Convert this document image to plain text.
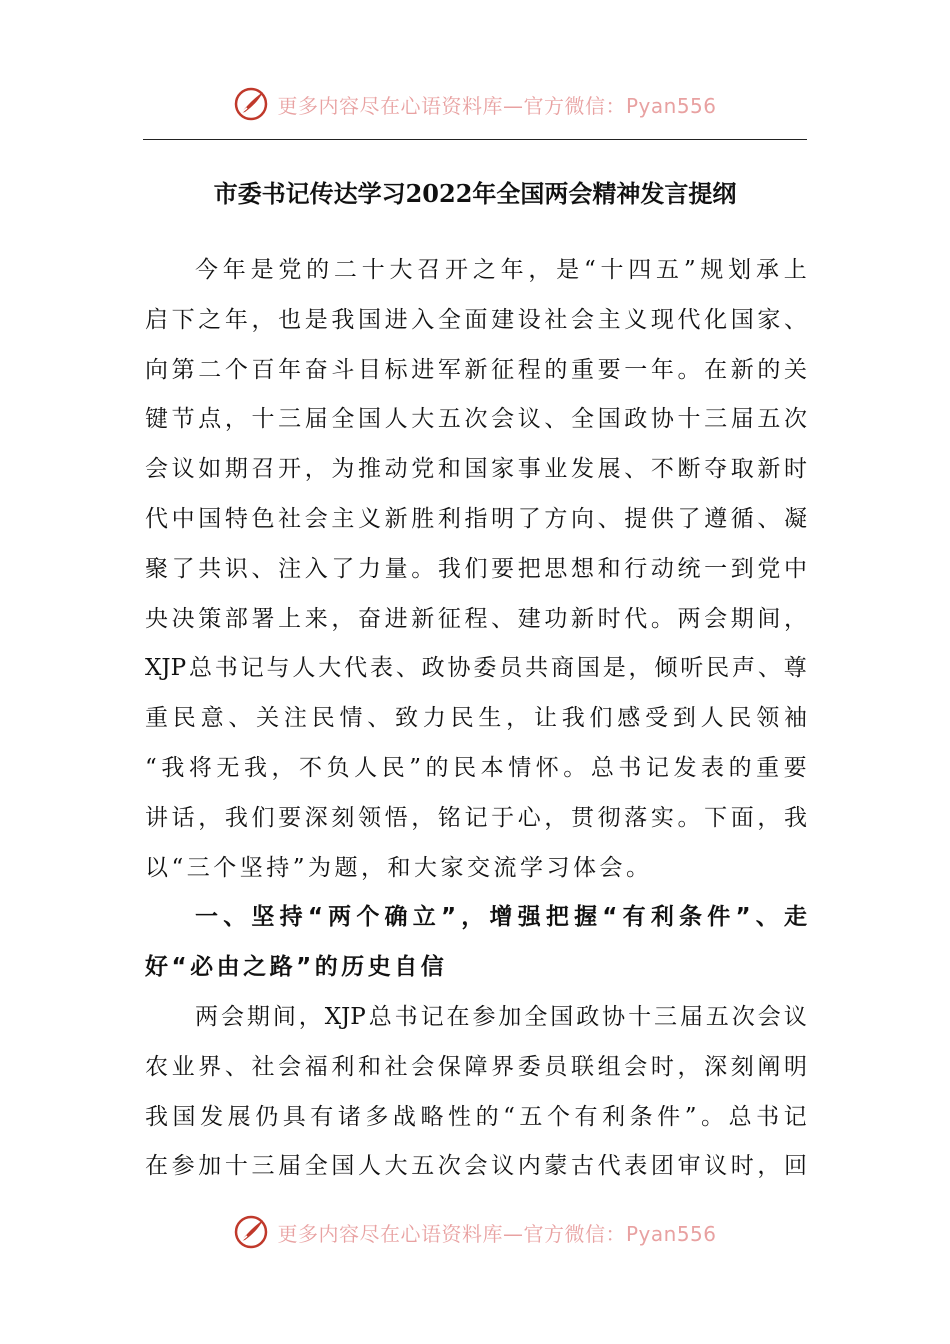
更多内容尽在心语资料库—官方微信：Pyan556
市委书记传达学习2022年全国两会精神发言提纲
今 年 是 党 的 二 十 大 召 开 之 年 ， 是 “ 十 四 五 ” 规 划 承 上
启 下 之 年 ， 也 是 我 国 进 入 全 面 建 设 社 会 主 义 现 代 化 国 家 、
向 第 二 个 百 年 奋 斗 目 标 进 军 新 征 程 的 重 要 一 年 。 在 新 的 关
键 节 点 ， 十 三 届 全 国 人 大 五 次 会 议 、 全 国 政 协 十 三 届 五 次
会 议 如 期 召 开 ， 为 推 动 党 和 国 家 事 业 发 展 、 不 断 夺 取 新 时
代 中 国 特 色 社 会 主 义 新 胜 利 指 明 了 方 向 、 提 供 了 遵 循 、 凝
聚 了 共 识 、 注 入 了 力 量 。 我 们 要 把 思 想 和 行 动 统 一 到 党 中
央 决 策 部 署 上 来 ， 奋 进 新 征 程 、 建 功 新 时 代 。 两 会 期 间 ，
XJP 总 书 记 与 人 大 代 表 、 政 协 委 员 共 商 国 是 ， 倾 听 民 声 、 尊
重 民 意 、 关 注 民 情 、 致 力 民 生 ， 让 我 们 感 受 到 人 民 领 袖
“ 我 将 无 我 ， 不 负 人 民 ” 的 民 本 情 怀 。 总 书 记 发 表 的 重 要
讲 话 ， 我 们 要 深 刻 领 悟 ， 铭 记 于 心 ， 贯 彻 落 实 。 下 面 ， 我
以“三个坚持”为题，和大家交流学习体会。
一 、 坚 持 “ 两 个 确 立 ” ， 增 强 把 握 “ 有 利 条 件 ” 、 走
好“必由之路”的历史自信
两 会 期 间 ， XJP 总 书 记 在 参 加 全 国 政 协 十 三 届 五 次 会 议
农 业 界 、 社 会 福 利 和 社 会 保 障 界 委 员 联 组 会 时 ， 深 刻 阐 明
我 国 发 展 仍 具 有 诸 多 战 略 性 的 “ 五 个 有 利 条 件 ” 。 总 书 记
在 参 加 十 三 届 全 国 人 大 五 次 会 议 内 蒙 古 代 表 团 审 议 时 ， 回
更多内容尽在心语资料库—官方微信：Pyan556
